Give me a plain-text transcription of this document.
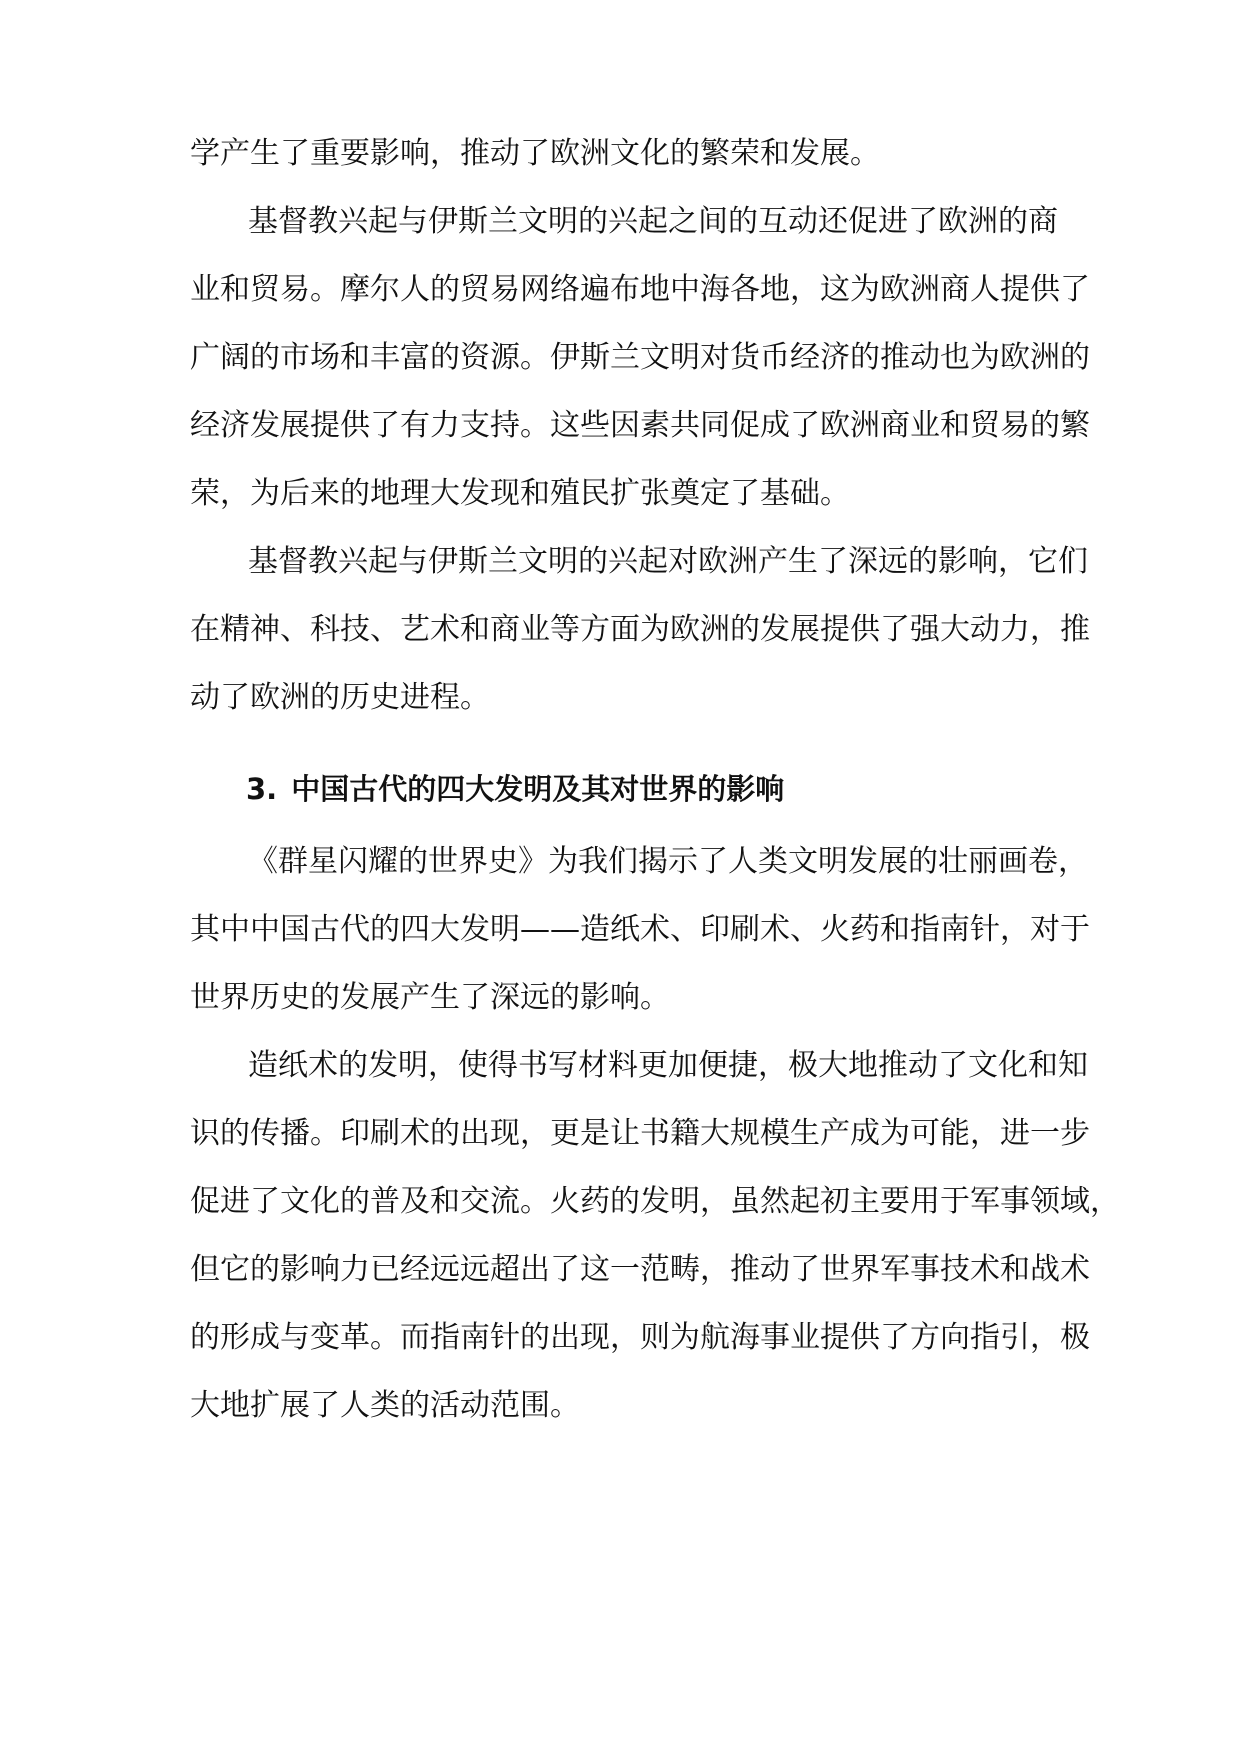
学产生了重要影响，推动了欧洲文化的繁荣和发展。
基督教兴起与伊斯兰文明的兴起之间的互动还促进了欧洲的商
业和贸易。摩尔人的贸易网络遍布地中海各地，这为欧洲商人提供了
广阔的市场和丰富的资源。伊斯兰文明对货币经济的推动也为欧洲的
经济发展提供了有力支持。这些因素共同促成了欧洲商业和贸易的繁
荣，为后来的地理大发现和殖民扩张奠定了基础。
基督教兴起与伊斯兰文明的兴起对欧洲产生了深远的影响，它们
在精神、科技、艺术和商业等方面为欧洲的发展提供了强大动力，推
动了欧洲的历史进程。
3. 中国古代的四大发明及其对世界的影响
《群星闪耀的世界史》为我们揭示了人类文明发展的壮丽画卷，
其中中国古代的四大发明——造纸术、印刷术、火药和指南针，对于
世界历史的发展产生了深远的影响。
造纸术的发明，使得书写材料更加便捷，极大地推动了文化和知
识的传播。印刷术的出现，更是让书籍大规模生产成为可能，进一步
促进了文化的普及和交流。火药的发明，虽然起初主要用于军事领域，
但它的影响力已经远远超出了这一范畴，推动了世界军事技术和战术
的形成与变革。而指南针的出现，则为航海事业提供了方向指引，极
大地扩展了人类的活动范围。
